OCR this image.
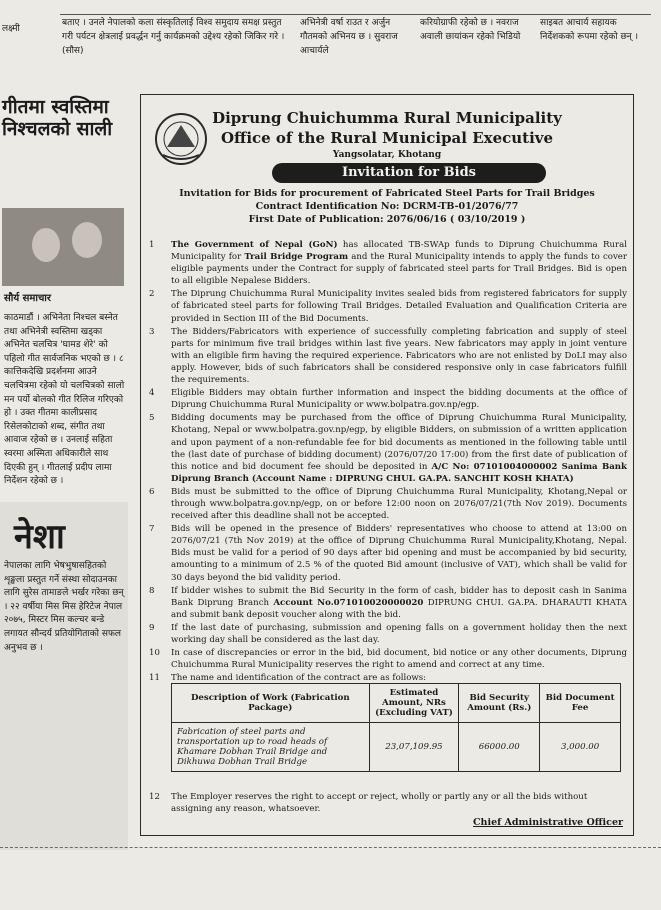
लक्ष्मी
बताए । उनले नेपालको कला संस्कृतिलाई विश्व समुदाय समक्ष प्रस्तुत गरी पर्यटन क्षेत्रलाई प्रवर्द्धन गर्नु कार्यक्रमको उद्देश्य रहेको जिकिर गरे । (सौस)
अभिनेत्री वर्षा राउत र अर्जुन गौतमको अभिनय छ । सुवराज आचार्यले
करियोग्राफी रहेको छ । नवराज अवाली छायांकन रहेको भिडियो
साइबत आचार्य सहायक निर्देशकको रूपमा रहेको छन् ।
गीतमा स्वस्तिमा निश्चलको साली
सौर्य समाचार
काठमाडौं । अभिनेता निश्चल बस्नेत तथा अभिनेत्री स्वस्तिमा खड्का अभिनेत चलचित्र 'घामड शेरे' को पहिलो गीत सार्वजनिक भएको छ । ८ कात्तिकदेखि प्रदर्शनमा आउने चलचित्रमा रहेको यो चलचित्रको सालो मन पर्यो बोलको गीत रिलिज गरिएको हो । उक्त गीतमा कालीप्रसाद रिसेलकोटाको शब्द, संगीत तथा आवाज रहेको छ । उनलाई सहिता स्वरमा अस्मिता अधिकारीले साथ दिएकी हुन् । गीतलाई प्रदीप लामा निर्देशन रहेको छ ।
नेशा
नेपालका लागि भेषभुषासहितको शृङ्खला प्रस्तुत गर्ने संस्था सोदाउनका लागि सुरेस तामाङले भर्खर गरेका छन् । २२ वर्षीया मिस मिस हेरिटेज नेपाल २०७५, मिस्टर मिस कल्चर बन्डे लगायत सौन्दर्य प्रतियोगिताको सफल अनुभव छ ।
Diprung Chuichumma Rural Municipality
Office of the Rural Municipal Executive
Yangsolatar, Khotang
Invitation for Bids
Invitation for Bids for procurement of Fabricated Steel Parts for Trail Bridges
Contract Identification No: DCRM-TB-01/2076/77
First Date of Publication: 2076/06/16 ( 03/10/2019 )
1	The Government of Nepal (GoN) has allocated TB-SWAp funds to Diprung Chuichumma Rural Municipality for Trail Bridge Program and the Rural Municipality intends to apply the funds to cover eligible payments under the Contract for supply of fabricated steel parts for Trail Bridges. Bid is open to all eligible Nepalese Bidders.
2	The Diprung Chuichumma Rural Municipality invites sealed bids from registered fabricators for supply of fabricated steel parts for following Trail Bridges. Detailed Evaluation and Qualification Criteria are provided in Section III of the Bid Documents.
3	The Bidders/Fabricators with experience of successfully completing fabrication and supply of steel parts for minimum five trail bridges within last five years. New fabricators may apply in joint venture with an eligible firm having the required experience. Fabricators who are not enlisted by DoLI may also apply. However, bids of such fabricators shall be considered responsive only in case fabricators fulfill the requirements.
4	Eligible Bidders may obtain further information and inspect the bidding documents at the office of Diprung Chuichumma Rural Municipality or www.bolpatra.gov.np/egp.
5	Bidding documents may be purchased from the office of Diprung Chuichumma Rural Municipality, Khotang, Nepal or www.bolpatra.gov.np/egp, by eligible Bidders, on submission of a written application and upon payment of a non-refundable fee for bid documents as mentioned in the following table until the (last date of purchase of bidding document) (2076/07/20 17:00) from the first date of publication of this notice and bid document fee should be deposited in A/C No: 07101004000002 Sanima Bank Diprung Branch (Account Name : DIPRUNG CHUI. GA.PA. SANCHIT KOSH KHATA)
6	Bids must be submitted to the office of Diprung Chuichumma Rural Municipality, Khotang,Nepal or through www.bolpatra.gov.np/egp, on or before 12:00 noon on 2076/07/21(7th Nov 2019). Documents received after this deadline shall not be accepted.
7	Bids will be opened in the presence of Bidders' representatives who choose to attend at 13:00 on 2076/07/21 (7th Nov 2019) at the office of Diprung Chuichumma Rural Municipality,Khotang, Nepal. Bids must be valid for a period of 90 days after bid opening and must be accompanied by bid security, amounting to a minimum of 2.5 % of the quoted Bid amount (inclusive of VAT), which shall be valid for 30 days beyond the bid validity period.
8	If bidder wishes to submit the Bid Security in the form of cash, bidder has to deposit cash in Sanima Bank Diprung Branch Account No.071010020000020 DIPRUNG CHUI. GA.PA. DHARAUTI KHATA and submit bank deposit voucher along with the bid.
9	If the last date of purchasing, submission and opening falls on a government holiday then the next working day shall be considered as the last day.
10	In case of discrepancies or error in the bid, bid document, bid notice or any other documents, Diprung Chuichumma Rural Municipality reserves the right to amend and correct at any time.
11	The name and identification of the contract are as follows:
Description of Work (Fabrication Package)	Estimated Amount, NRs (Excluding VAT)	Bid Security Amount (Rs.)	Bid Document Fee
Fabrication of steel parts and transportation up to road heads of Khamare Dobhan Trail Bridge and Dikhuwa Dobhan Trail Bridge	23,07,109.95	66000.00	3,000.00
12	The Employer reserves the right to accept or reject, wholly or partly any or all the bids without assigning any reason, whatsoever.
Chief Administrative Officer
